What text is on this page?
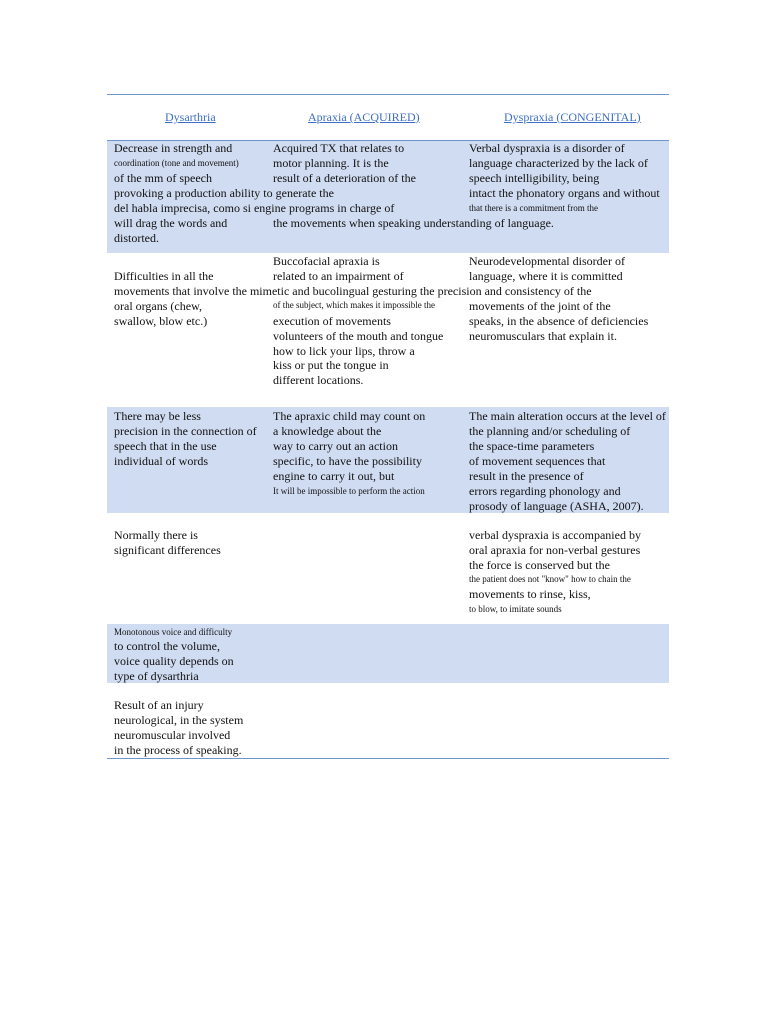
Dysarthria	Apraxia (ACQUIRED)	Dyspraxia (CONGENITAL)
Decrease in strength and
coordination (tone and movement)
of the mm of speech
provoking a production ability to generate the
del habla imprecisa, como si engine programs in charge of
will drag the words and
distorted.
Acquired TX that relates to
motor planning. It is the
result of a deterioration of the
the movements when speaking understanding of language.
Verbal dyspraxia is a disorder of
language characterized by the lack of
speech intelligibility, being
intact the phonatory organs and without
that there is a commitment from the
Difficulties in all the
movements that involve the mimetic and bucolingual gesturing the precision and consistency of the
oral organs (chew,
swallow, blow etc.)
Buccofacial apraxia is
related to an impairment of
of the subject, which makes it impossible the
execution of movements
volunteers of the mouth and tongue
how to lick your lips, throw a
kiss or put the tongue in
different locations.
Neurodevelopmental disorder of
language, where it is committed
movements of the joint of the
speaks, in the absence of deficiencies
neuromusculars that explain it.
There may be less
precision in the connection of
speech that in the use
individual of words
The apraxic child may count on
a knowledge about the
way to carry out an action
specific, to have the possibility
engine to carry it out, but
It will be impossible to perform the action
The main alteration occurs at the level of
the planning and/or scheduling of
the space-time parameters
of movement sequences that
result in the presence of
errors regarding phonology and
prosody of language (ASHA, 2007).
Normally there is
significant differences
verbal dyspraxia is accompanied by
oral apraxia for non-verbal gestures
the force is conserved but the
the patient does not "know" how to chain the
movements to rinse, kiss,
to blow, to imitate sounds
Monotonous voice and difficulty
to control the volume,
voice quality depends on
type of dysarthria
Result of an injury
neurological, in the system
neuromuscular involved
in the process of speaking.
